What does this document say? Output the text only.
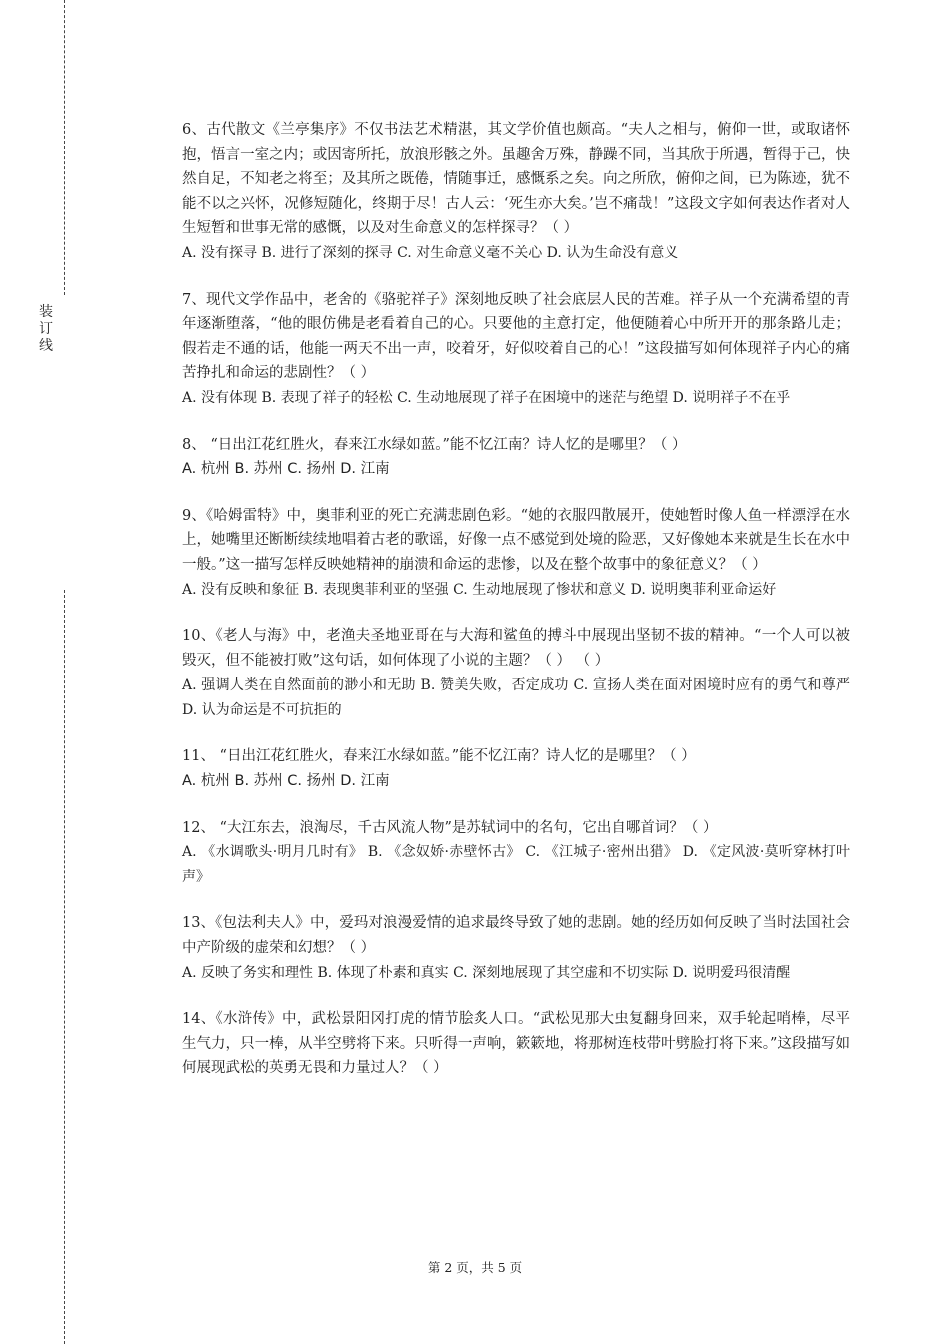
装
订
线

6、古代散文《兰亭集序》不仅书法艺术精湛，其文学价值也颇高。“夫人之相与，俯仰一世，或取诸怀抱，悟言一室之内；或因寄所托，放浪形骸之外。虽趣舍万殊，静躁不同，当其欣于所遇，暂得于己，快然自足，不知老之将至；及其所之既倦，情随事迁，感慨系之矣。向之所欣，俯仰之间，已为陈迹，犹不能不以之兴怀，况修短随化，终期于尽！古人云：‘死生亦大矣。’岂不痛哉！”这段文字如何表达作者对人生短暂和世事无常的感慨，以及对生命意义的怎样探寻？（ ）

A. 没有探寻 B. 进行了深刻的探寻 C. 对生命意义毫不关心 D. 认为生命没有意义

7、现代文学作品中，老舍的《骆驼祥子》深刻地反映了社会底层人民的苦难。祥子从一个充满希望的青年逐渐堕落，“他的眼仿佛是老看着自己的心。只要他的主意打定，他便随着心中所开开的那条路儿走；假若走不通的话，他能一两天不出一声，咬着牙，好似咬着自己的心！”这段描写如何体现祥子内心的痛苦挣扎和命运的悲剧性？（ ）

A. 没有体现 B. 表现了祥子的轻松 C. 生动地展现了祥子在困境中的迷茫与绝望 D. 说明祥子不在乎

8、 “日出江花红胜火，春来江水绿如蓝。”能不忆江南？诗人忆的是哪里？（ ）

A. 杭州 B. 苏州 C. 扬州 D. 江南

9、《哈姆雷特》中，奥菲利亚的死亡充满悲剧色彩。“她的衣服四散展开，使她暂时像人鱼一样漂浮在水上，她嘴里还断断续续地唱着古老的歌谣，好像一点不感觉到处境的险恶，又好像她本来就是生长在水中一般。”这一描写怎样反映她精神的崩溃和命运的悲惨，以及在整个故事中的象征意义？（ ）

A. 没有反映和象征 B. 表现奥菲利亚的坚强 C. 生动地展现了惨状和意义 D. 说明奥菲利亚命运好

10、《老人与海》中，老渔夫圣地亚哥在与大海和鲨鱼的搏斗中展现出坚韧不拔的精神。“一个人可以被毁灭，但不能被打败”这句话，如何体现了小说的主题？（ ） （ ）

A. 强调人类在自然面前的渺小和无助 B. 赞美失败，否定成功 C. 宣扬人类在面对困境时应有的勇气和尊严 D. 认为命运是不可抗拒的

11、 “日出江花红胜火，春来江水绿如蓝。”能不忆江南？诗人忆的是哪里？（ ）

A. 杭州 B. 苏州 C. 扬州 D. 江南

12、 “大江东去，浪淘尽，千古风流人物”是苏轼词中的名句，它出自哪首词？（ ）

A. 《水调歌头·明月几时有》 B. 《念奴娇·赤壁怀古》 C. 《江城子·密州出猎》 D. 《定风波·莫听穿林打叶声》

13、《包法利夫人》中，爱玛对浪漫爱情的追求最终导致了她的悲剧。她的经历如何反映了当时法国社会中产阶级的虚荣和幻想？（ ）

A. 反映了务实和理性 B. 体现了朴素和真实 C. 深刻地展现了其空虚和不切实际 D. 说明爱玛很清醒

14、《水浒传》中，武松景阳冈打虎的情节脍炙人口。“武松见那大虫复翻身回来，双手轮起哨棒，尽平生气力，只一棒，从半空劈将下来。只听得一声响，簌簌地，将那树连枝带叶劈脸打将下来。”这段描写如何展现武松的英勇无畏和力量过人？（ ）

第 2 页，共 5 页
